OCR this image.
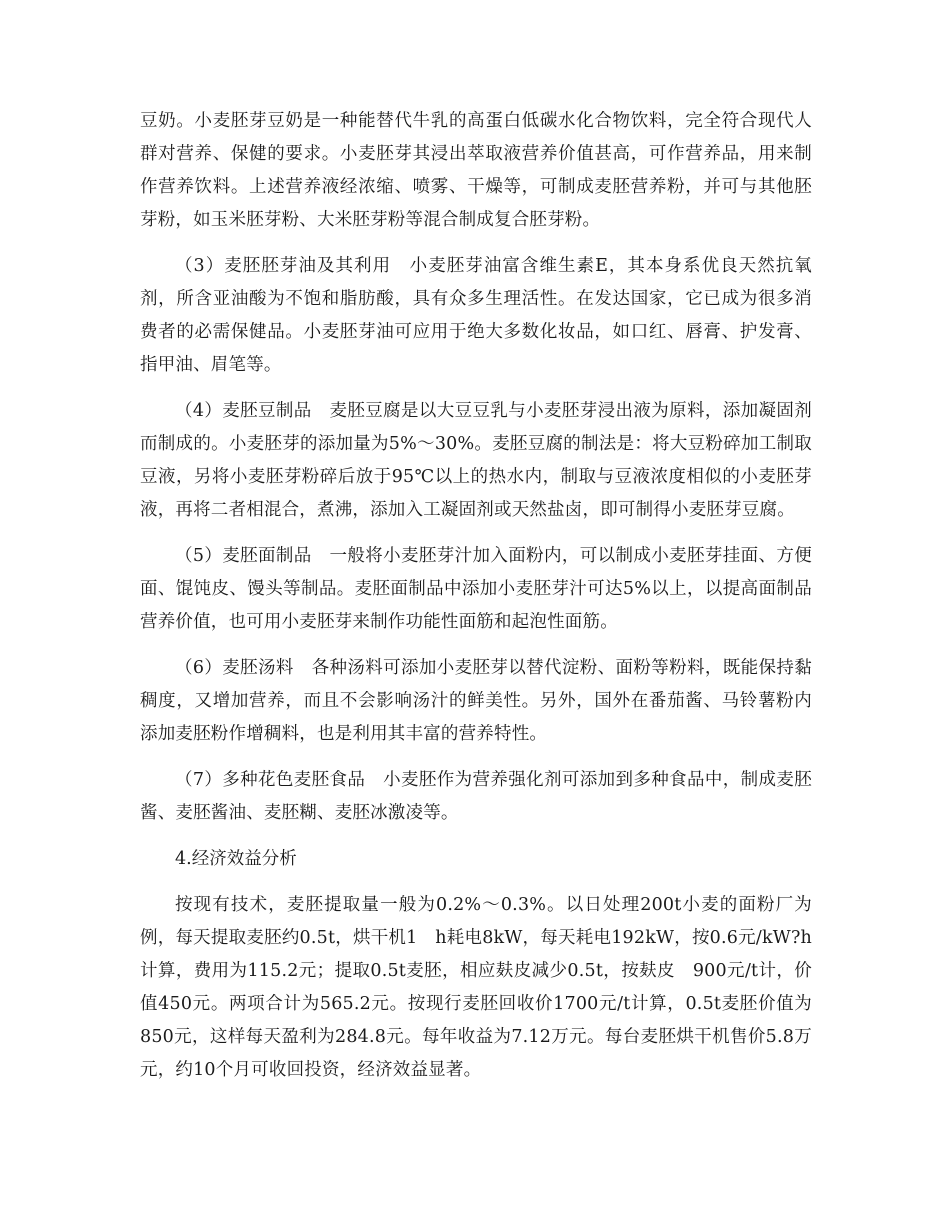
豆奶。小麦胚芽豆奶是一种能替代牛乳的高蛋白低碳水化合物饮料，完全符合现代人群对营养、保健的要求。小麦胚芽其浸出萃取液营养价值甚高，可作营养品，用来制作营养饮料。上述营养液经浓缩、喷雾、干燥等，可制成麦胚营养粉，并可与其他胚芽粉，如玉米胚芽粉、大米胚芽粉等混合制成复合胚芽粉。

（3）麦胚胚芽油及其利用　小麦胚芽油富含维生素E，其本身系优良天然抗氧剂，所含亚油酸为不饱和脂肪酸，具有众多生理活性。在发达国家，它已成为很多消费者的必需保健品。小麦胚芽油可应用于绝大多数化妆品，如口红、唇膏、护发膏、指甲油、眉笔等。

（4）麦胚豆制品　麦胚豆腐是以大豆豆乳与小麦胚芽浸出液为原料，添加凝固剂而制成的。小麦胚芽的添加量为5%～30%。麦胚豆腐的制法是：将大豆粉碎加工制取豆液，另将小麦胚芽粉碎后放于95℃以上的热水内，制取与豆液浓度相似的小麦胚芽液，再将二者相混合，煮沸，添加入工凝固剂或天然盐卤，即可制得小麦胚芽豆腐。

（5）麦胚面制品　一般将小麦胚芽汁加入面粉内，可以制成小麦胚芽挂面、方便面、馄饨皮、馒头等制品。麦胚面制品中添加小麦胚芽汁可达5%以上，以提高面制品营养价值，也可用小麦胚芽来制作功能性面筋和起泡性面筋。

（6）麦胚汤料　各种汤料可添加小麦胚芽以替代淀粉、面粉等粉料，既能保持黏稠度，又增加营养，而且不会影响汤汁的鲜美性。另外，国外在番茄酱、马铃薯粉内添加麦胚粉作增稠料，也是利用其丰富的营养特性。

（7）多种花色麦胚食品　小麦胚作为营养强化剂可添加到多种食品中，制成麦胚酱、麦胚酱油、麦胚糊、麦胚冰激凌等。

4.经济效益分析

按现有技术，麦胚提取量一般为0.2%～0.3%。以日处理200t小麦的面粉厂为例，每天提取麦胚约0.5t，烘干机1　h耗电8kW，每天耗电192kW，按0.6元/kW?h计算，费用为115.2元；提取0.5t麦胚，相应麸皮减少0.5t，按麸皮　900元/t计，价值450元。两项合计为565.2元。按现行麦胚回收价1700元/t计算，0.5t麦胚价值为850元，这样每天盈利为284.8元。每年收益为7.12万元。每台麦胚烘干机售价5.8万元，约10个月可收回投资，经济效益显著。
